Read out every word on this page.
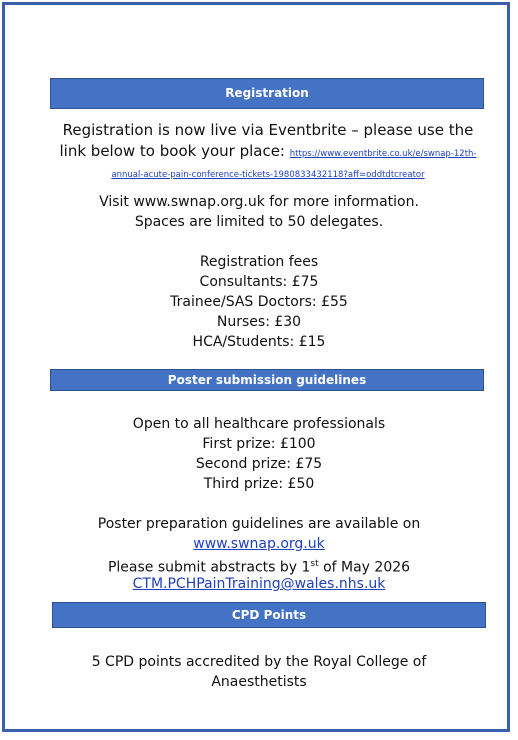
Registration
Registration is now live via Eventbrite – please use the link below to book your place: https://www.eventbrite.co.uk/e/swnap-12th-annual-acute-pain-conference-tickets-1980833432118?aff=oddtdtcreator
Visit www.swnap.org.uk for more information.
Spaces are limited to 50 delegates.
Registration fees
Consultants: £75
Trainee/SAS Doctors: £55
Nurses: £30
HCA/Students: £15
Poster submission guidelines
Open to all healthcare professionals
First prize: £100
Second prize: £75
Third prize: £50
Poster preparation guidelines are available on
www.swnap.org.uk
Please submit abstracts by 1st of May 2026
CTM.PCHPainTraining@wales.nhs.uk
CPD Points
5 CPD points accredited by the Royal College of
Anaesthetists
